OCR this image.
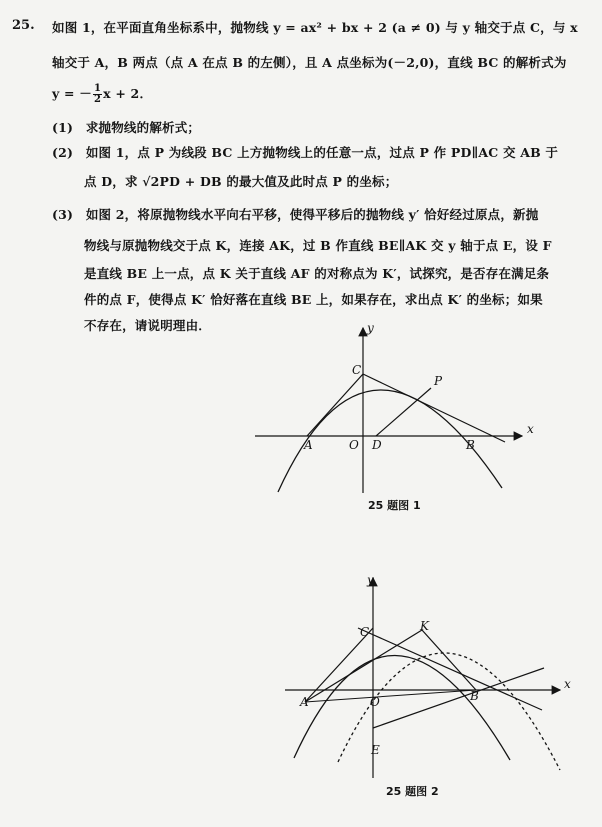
25. 如图 1，在平面直角坐标系中，抛物线 y = ax² + bx + 2 (a ≠ 0) 与 y 轴交于点 C，与 x
轴交于 A，B 两点（点 A 在点 B 的左侧），且 A 点坐标为(－2,0)，直线 BC 的解析式为
y = － $\frac{1}{2}$ x + 2．
(1)　求抛物线的解析式；
(2)　如图 1，点 P 为线段 BC 上方抛物线上的任意一点，过点 P 作 PD∥AC 交 AB 于
点 D，求 √2PD + DB 的最大值及此时点 P 的坐标；
(3)　如图 2，将原抛物线水平向右平移，使得平移后的抛物线 y′ 恰好经过原点，新抛
物线与原抛物线交于点 K，连接 AK，过 B 作直线 BE∥AK 交 y 轴于点 E，设 F
是直线 BE 上一点，点 K 关于直线 AF 的对称点为 K′，试探究，是否存在满足条
件的点 F，使得点 K′ 恰好落在直线 BE 上，如果存在，求出点 K′ 的坐标；如果
不存在，请说明理由．	y
x
C
P
A	O D	B
25 题图 1
y
x
C	K
A	O	B
E
25 题图 2
